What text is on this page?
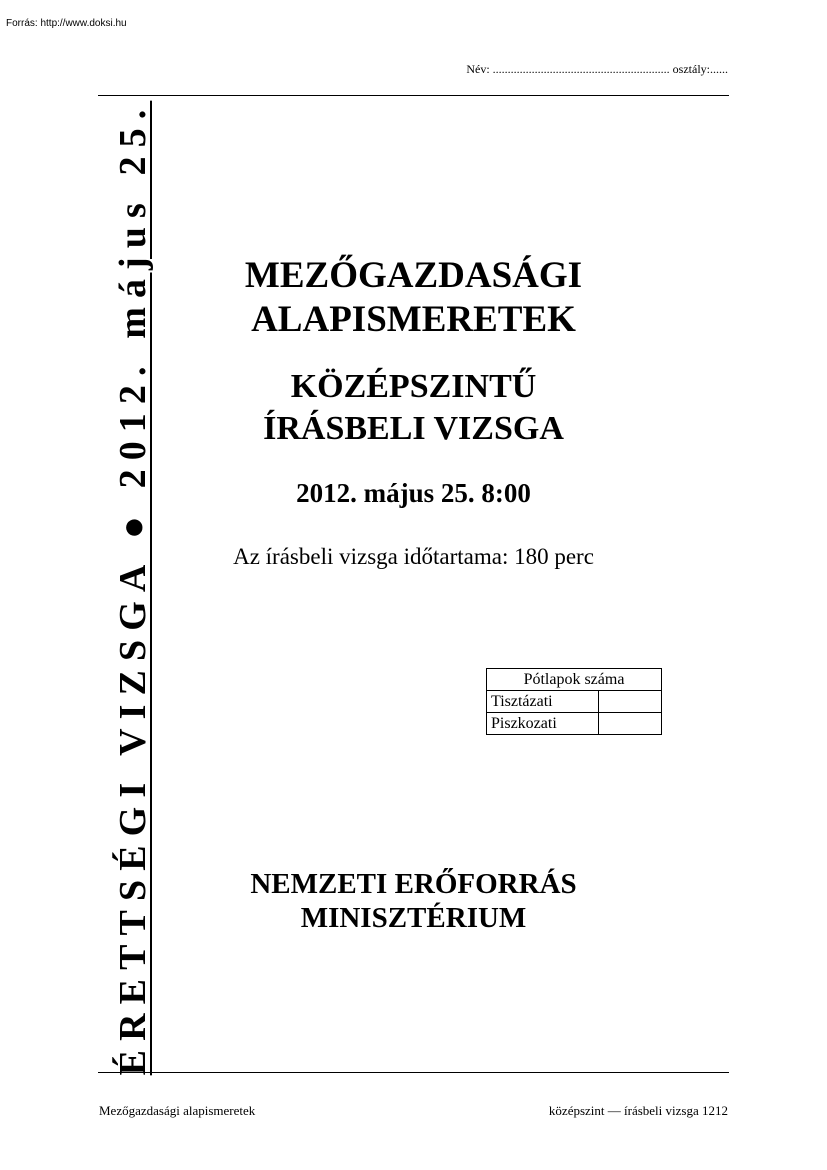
Forrás: http://www.doksi.hu
Név: ........................................................... osztály:......
ÉRETTSÉGI VIZSGA ● 2012. május 25.	MEZŐGAZDASÁGI
ALAPISMERETEK
KÖZÉPSZINTŰ
ÍRÁSBELI VIZSGA
2012. május 25. 8:00
Az írásbeli vizsga időtartama: 180 perc
Pótlapok száma	
Tisztázati	
Piszkozati	
NEMZETI ERŐFORRÁS
MINISZTÉRIUM
Mezőgazdasági alapismeretek	középszint — írásbeli vizsga 1212
